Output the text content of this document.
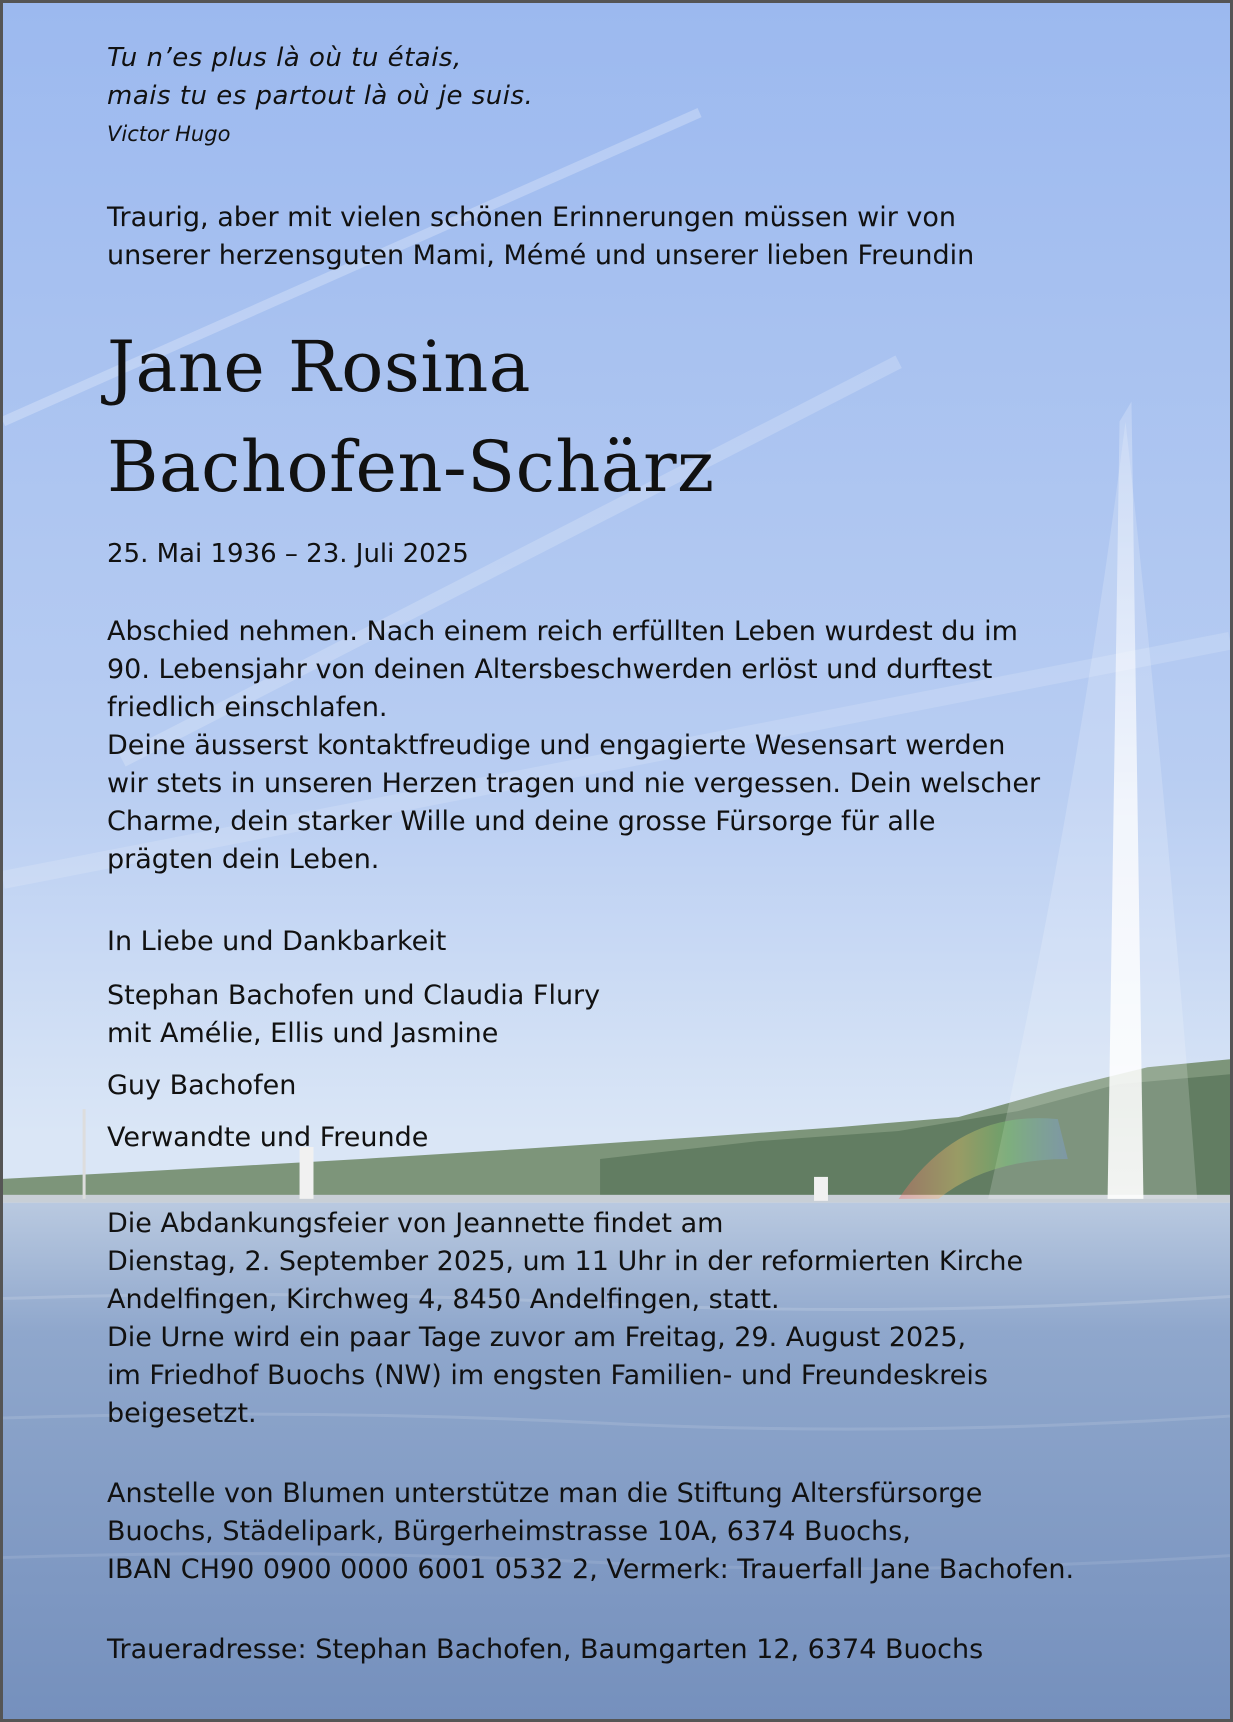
Tu n’es plus là où tu étais,
mais tu es partout là où je suis.
Victor Hugo
Traurig, aber mit vielen schönen Erinnerungen müssen wir von
unserer herzensguten Mami, Mémé und unserer lieben Freundin
Jane Rosina
Bachofen-Schärz
25. Mai 1936 – 23. Juli 2025
Abschied nehmen. Nach einem reich erfüllten Leben wurdest du im
90. Lebensjahr von deinen Altersbeschwerden erlöst und durftest
friedlich einschlafen.
Deine äusserst kontaktfreudige und engagierte Wesensart werden
wir stets in unseren Herzen tragen und nie vergessen. Dein welscher
Charme, dein starker Wille und deine grosse Fürsorge für alle
prägten dein Leben.
In Liebe und Dankbarkeit
Stephan Bachofen und Claudia Flury
mit Amélie, Ellis und Jasmine
Guy Bachofen
Verwandte und Freunde
Die Abdankungsfeier von Jeannette findet am
Dienstag, 2. September 2025, um 11 Uhr in der reformierten Kirche
Andelfingen, Kirchweg 4, 8450 Andelfingen, statt.
Die Urne wird ein paar Tage zuvor am Freitag, 29. August 2025,
im Friedhof Buochs (NW) im engsten Familien- und Freundeskreis
beigesetzt.
Anstelle von Blumen unterstütze man die Stiftung Altersfürsorge
Buochs, Städelipark, Bürgerheimstrasse 10A, 6374 Buochs,
IBAN CH90 0900 0000 6001 0532 2, Vermerk: Trauerfall Jane Bachofen.
Traueradresse: Stephan Bachofen, Baumgarten 12, 6374 Buochs
